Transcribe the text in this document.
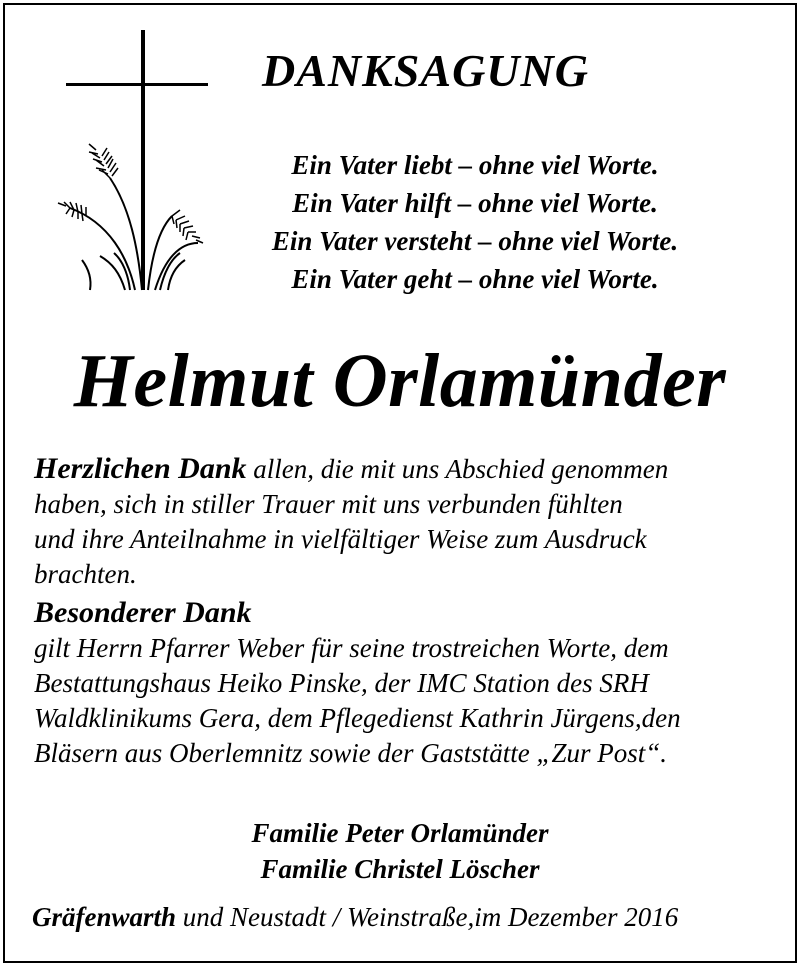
DANKSAGUNG
Ein Vater liebt – ohne viel Worte.
Ein Vater hilft – ohne viel Worte.
Ein Vater versteht – ohne viel Worte.
Ein Vater geht – ohne viel Worte.
Helmut Orlamünder
Herzlichen Dank allen, die mit uns Abschied genommen
haben, sich in stiller Trauer mit uns verbunden fühlten
und ihre Anteilnahme in vielfältiger Weise zum Ausdruck
brachten.
Besonderer Dank
gilt Herrn Pfarrer Weber für seine trostreichen Worte, dem
Bestattungshaus Heiko Pinske, der IMC Station des SRH
Waldklinikums Gera, dem Pflegedienst Kathrin Jürgens,den
Bläsern aus Oberlemnitz sowie der Gaststätte „Zur Post“.
Familie Peter Orlamünder
Familie Christel Löscher
Gräfenwarth und Neustadt / Weinstraße,im Dezember 2016
